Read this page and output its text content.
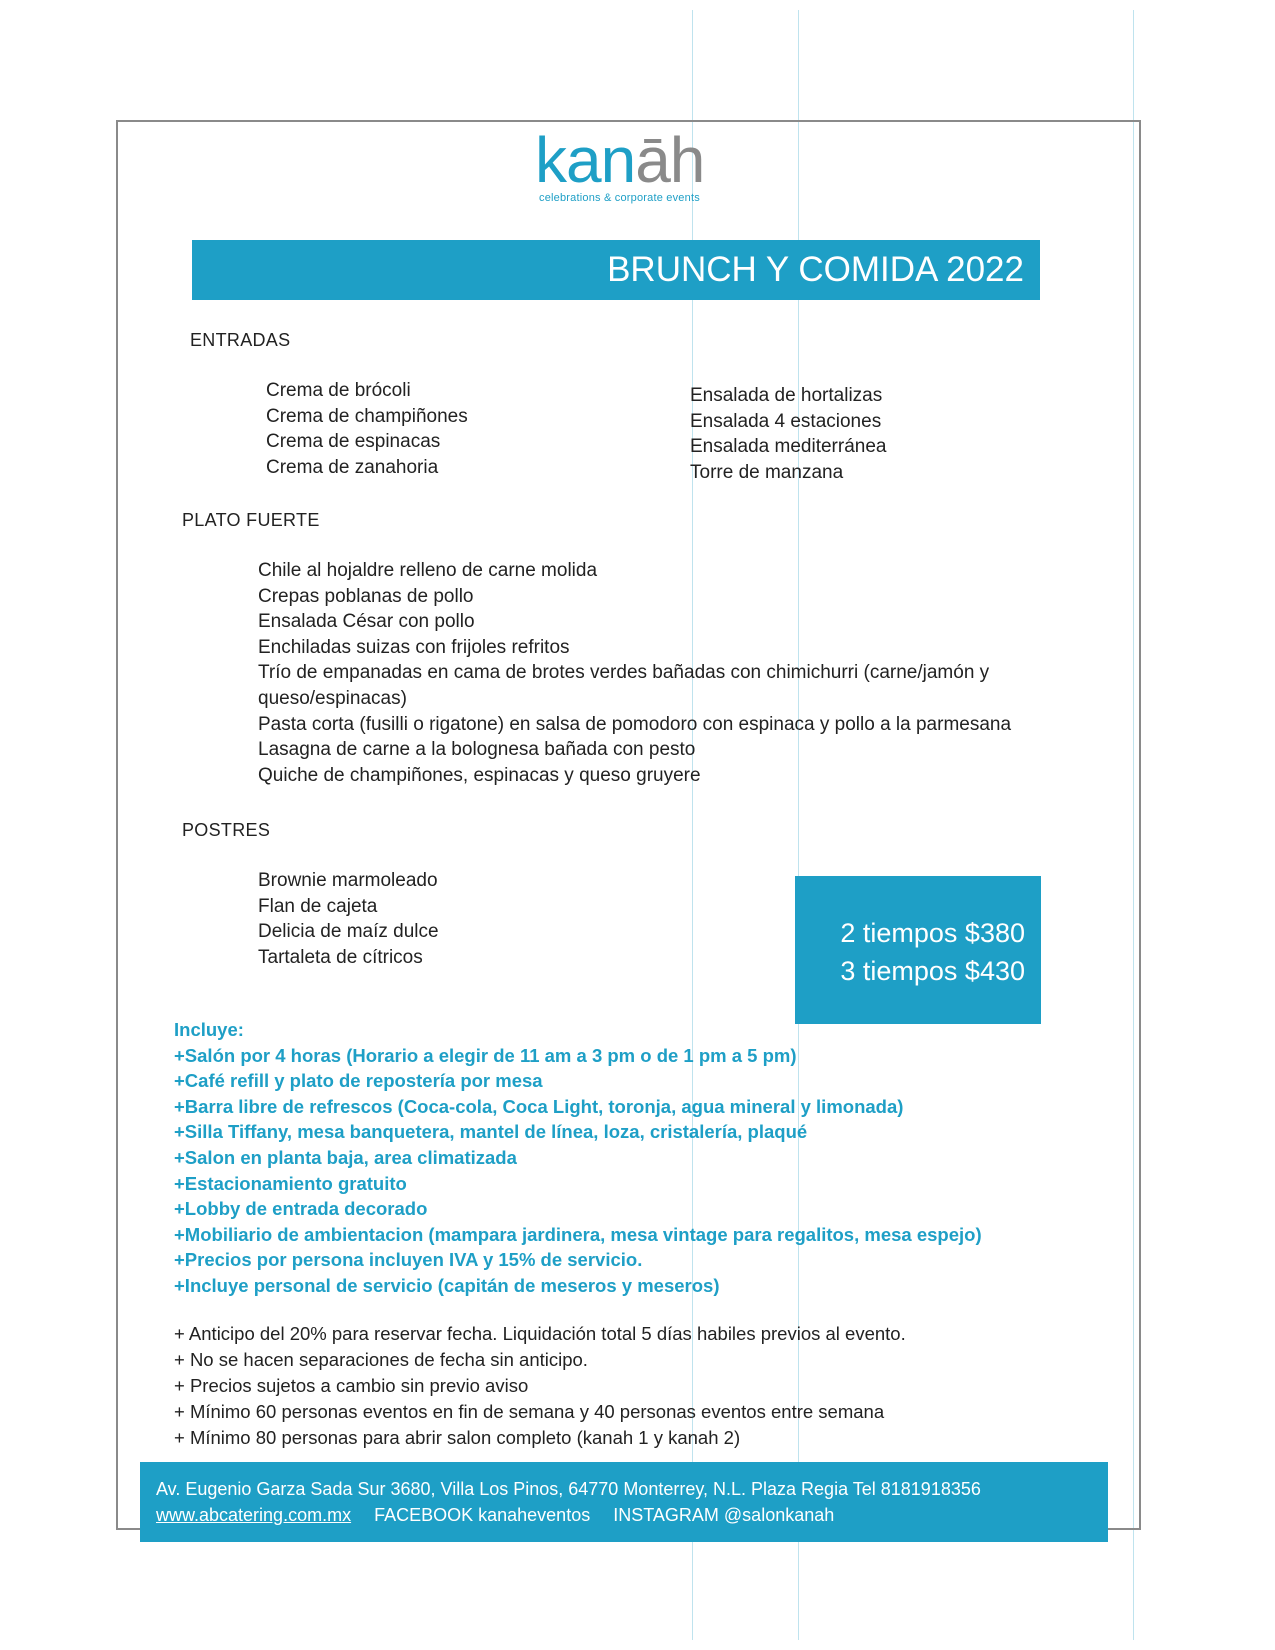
kanāh
celebrations & corporate events
BRUNCH Y COMIDA 2022
ENTRADAS
Crema de brócoli
Crema de champiñones
Crema de espinacas
Crema de zanahoria
Ensalada de hortalizas
Ensalada 4 estaciones
Ensalada mediterránea
Torre de manzana
PLATO FUERTE
Chile al hojaldre relleno de carne molida
Crepas poblanas de pollo
Ensalada César con pollo
Enchiladas suizas con frijoles refritos
Trío de empanadas en cama de brotes verdes bañadas con chimichurri (carne/jamón y
queso/espinacas)
Pasta corta (fusilli o rigatone) en salsa de pomodoro con espinaca y pollo a la parmesana
Lasagna de carne a la bolognesa bañada con pesto
Quiche de champiñones, espinacas y queso gruyere
POSTRES
Brownie marmoleado
Flan de cajeta
Delicia de maíz dulce
Tartaleta de cítricos
2 tiempos $380
3 tiempos $430
Incluye:
+Salón por 4 horas (Horario a elegir de 11 am a 3 pm o de 1 pm a 5 pm)
+Café refill y plato de repostería por mesa
+Barra libre de refrescos (Coca-cola, Coca Light, toronja, agua mineral y limonada)
+Silla Tiffany, mesa banquetera, mantel de línea, loza, cristalería, plaqué
+Salon en planta baja, area climatizada
+Estacionamiento gratuito
+Lobby de entrada decorado
+Mobiliario de ambientacion (mampara jardinera, mesa vintage para regalitos, mesa espejo)
+Precios por persona incluyen IVA y 15% de servicio.
+Incluye personal de servicio (capitán de meseros y meseros)
+ Anticipo del 20% para reservar fecha. Liquidación total 5 días habiles previos al evento.
+ No se hacen separaciones de fecha sin anticipo.
+ Precios sujetos a cambio sin previo aviso
+ Mínimo 60 personas eventos en fin de semana y 40 personas eventos entre semana
+ Mínimo 80 personas para abrir salon completo (kanah 1 y kanah 2)
Av. Eugenio Garza Sada Sur 3680, Villa Los Pinos, 64770 Monterrey, N.L. Plaza Regia Tel 8181918356
www.abcatering.com.mx FACEBOOK kanaheventos INSTAGRAM @salonkanah
